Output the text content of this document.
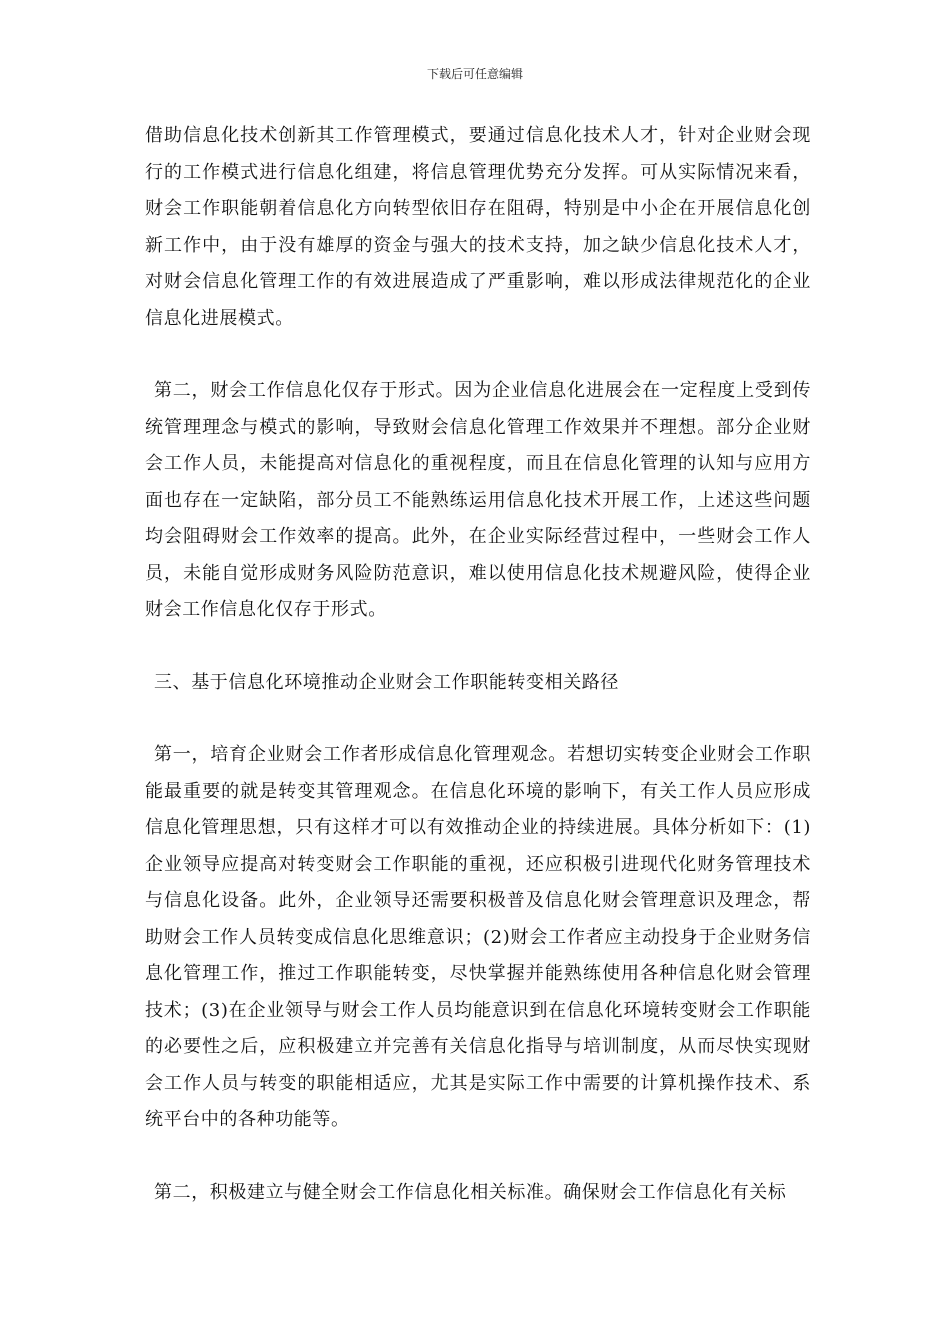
下载后可任意编辑

借助信息化技术创新其工作管理模式，要通过信息化技术人才，针对企业财会现行的工作模式进行信息化组建，将信息管理优势充分发挥。可从实际情况来看，财会工作职能朝着信息化方向转型依旧存在阻碍，特别是中小企在开展信息化创新工作中，由于没有雄厚的资金与强大的技术支持，加之缺少信息化技术人才，对财会信息化管理工作的有效进展造成了严重影响，难以形成法律规范化的企业信息化进展模式。

第二，财会工作信息化仅存于形式。因为企业信息化进展会在一定程度上受到传统管理理念与模式的影响，导致财会信息化管理工作效果并不理想。部分企业财会工作人员，未能提高对信息化的重视程度，而且在信息化管理的认知与应用方面也存在一定缺陷，部分员工不能熟练运用信息化技术开展工作，上述这些问题均会阻碍财会工作效率的提高。此外，在企业实际经营过程中，一些财会工作人员，未能自觉形成财务风险防范意识，难以使用信息化技术规避风险，使得企业财会工作信息化仅存于形式。

三、基于信息化环境推动企业财会工作职能转变相关路径

第一，培育企业财会工作者形成信息化管理观念。若想切实转变企业财会工作职能最重要的就是转变其管理观念。在信息化环境的影响下，有关工作人员应形成信息化管理思想，只有这样才可以有效推动企业的持续进展。具体分析如下：(1)企业领导应提高对转变财会工作职能的重视，还应积极引进现代化财务管理技术与信息化设备。此外，企业领导还需要积极普及信息化财会管理意识及理念，帮助财会工作人员转变成信息化思维意识；(2)财会工作者应主动投身于企业财务信息化管理工作，推过工作职能转变，尽快掌握并能熟练使用各种信息化财会管理技术；(3)在企业领导与财会工作人员均能意识到在信息化环境转变财会工作职能的必要性之后，应积极建立并完善有关信息化指导与培训制度，从而尽快实现财会工作人员与转变的职能相适应，尤其是实际工作中需要的计算机操作技术、系统平台中的各种功能等。

第二，积极建立与健全财会工作信息化相关标准。确保财会工作信息化有关标
